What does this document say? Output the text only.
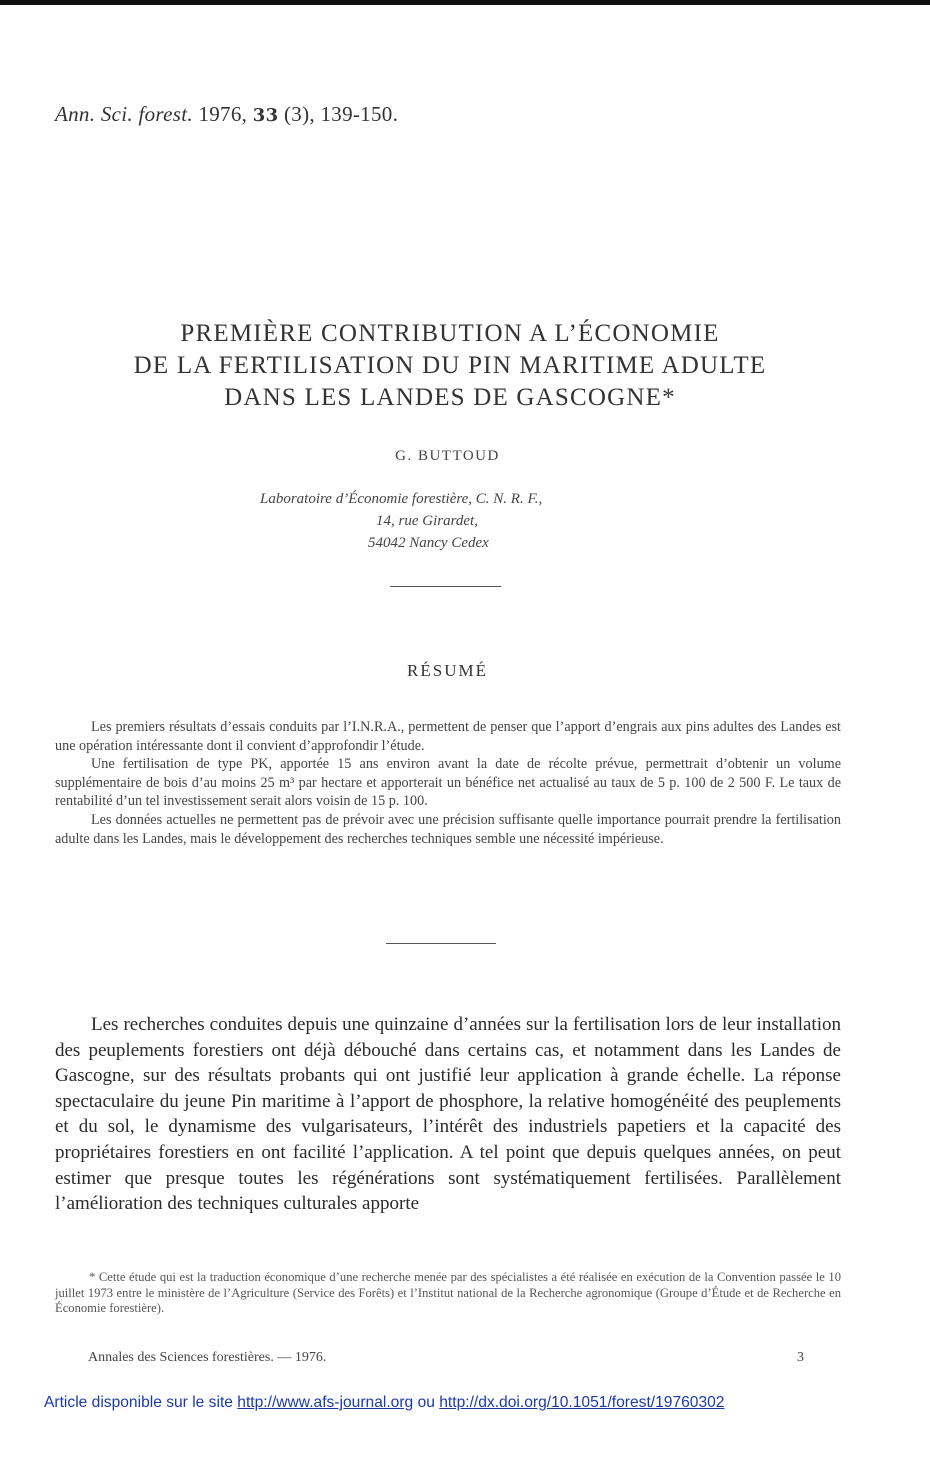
Ann. Sci. forest. 1976, 33 (3), 139-150.
PREMIÈRE CONTRIBUTION A L’ÉCONOMIE
DE LA FERTILISATION DU PIN MARITIME ADULTE
DANS LES LANDES DE GASCOGNE*
G. BUTTOUD
Laboratoire d’Économie forestière, C. N. R. F.,
14, rue Girardet,
54042 Nancy Cedex
RÉSUMÉ

Les premiers résultats d’essais conduits par l’I.N.R.A., permettent de penser que l’apport d’engrais aux pins adultes des Landes est une opération intéressante dont il convient d’approfondir l’étude.

Une fertilisation de type PK, apportée 15 ans environ avant la date de récolte prévue, permettrait d’obtenir un volume supplémentaire de bois d’au moins 25 m³ par hectare et apporterait un bénéfice net actualisé au taux de 5 p. 100 de 2 500 F. Le taux de rentabilité d’un tel investissement serait alors voisin de 15 p. 100.

Les données actuelles ne permettent pas de prévoir avec une précision suffisante quelle importance pourrait prendre la fertilisation adulte dans les Landes, mais le développement des recherches techniques semble une nécessité impérieuse.

Les recherches conduites depuis une quinzaine d’années sur la fertilisation lors de leur installation des peuplements forestiers ont déjà débouché dans certains cas, et notamment dans les Landes de Gascogne, sur des résultats probants qui ont justifié leur application à grande échelle. La réponse spectaculaire du jeune Pin maritime à l’apport de phosphore, la relative homogénéité des peuplements et du sol, le dynamisme des vulgarisateurs, l’intérêt des industriels papetiers et la capacité des propriétaires forestiers en ont facilité l’application. A tel point que depuis quelques années, on peut estimer que presque toutes les régénérations sont systématiquement fertilisées. Parallèlement l’amélioration des techniques culturales apporte

* Cette étude qui est la traduction économique d’une recherche menée par des spécialistes a été réalisée en exécution de la Convention passée le 10 juillet 1973 entre le ministère de l’Agriculture (Service des Forêts) et l’Institut national de la Recherche agronomique (Groupe d’Étude et de Recherche en Économie forestière).

Annales des Sciences forestières. — 1976.	3
Article disponible sur le site http://www.afs-journal.org ou http://dx.doi.org/10.1051/forest/19760302
